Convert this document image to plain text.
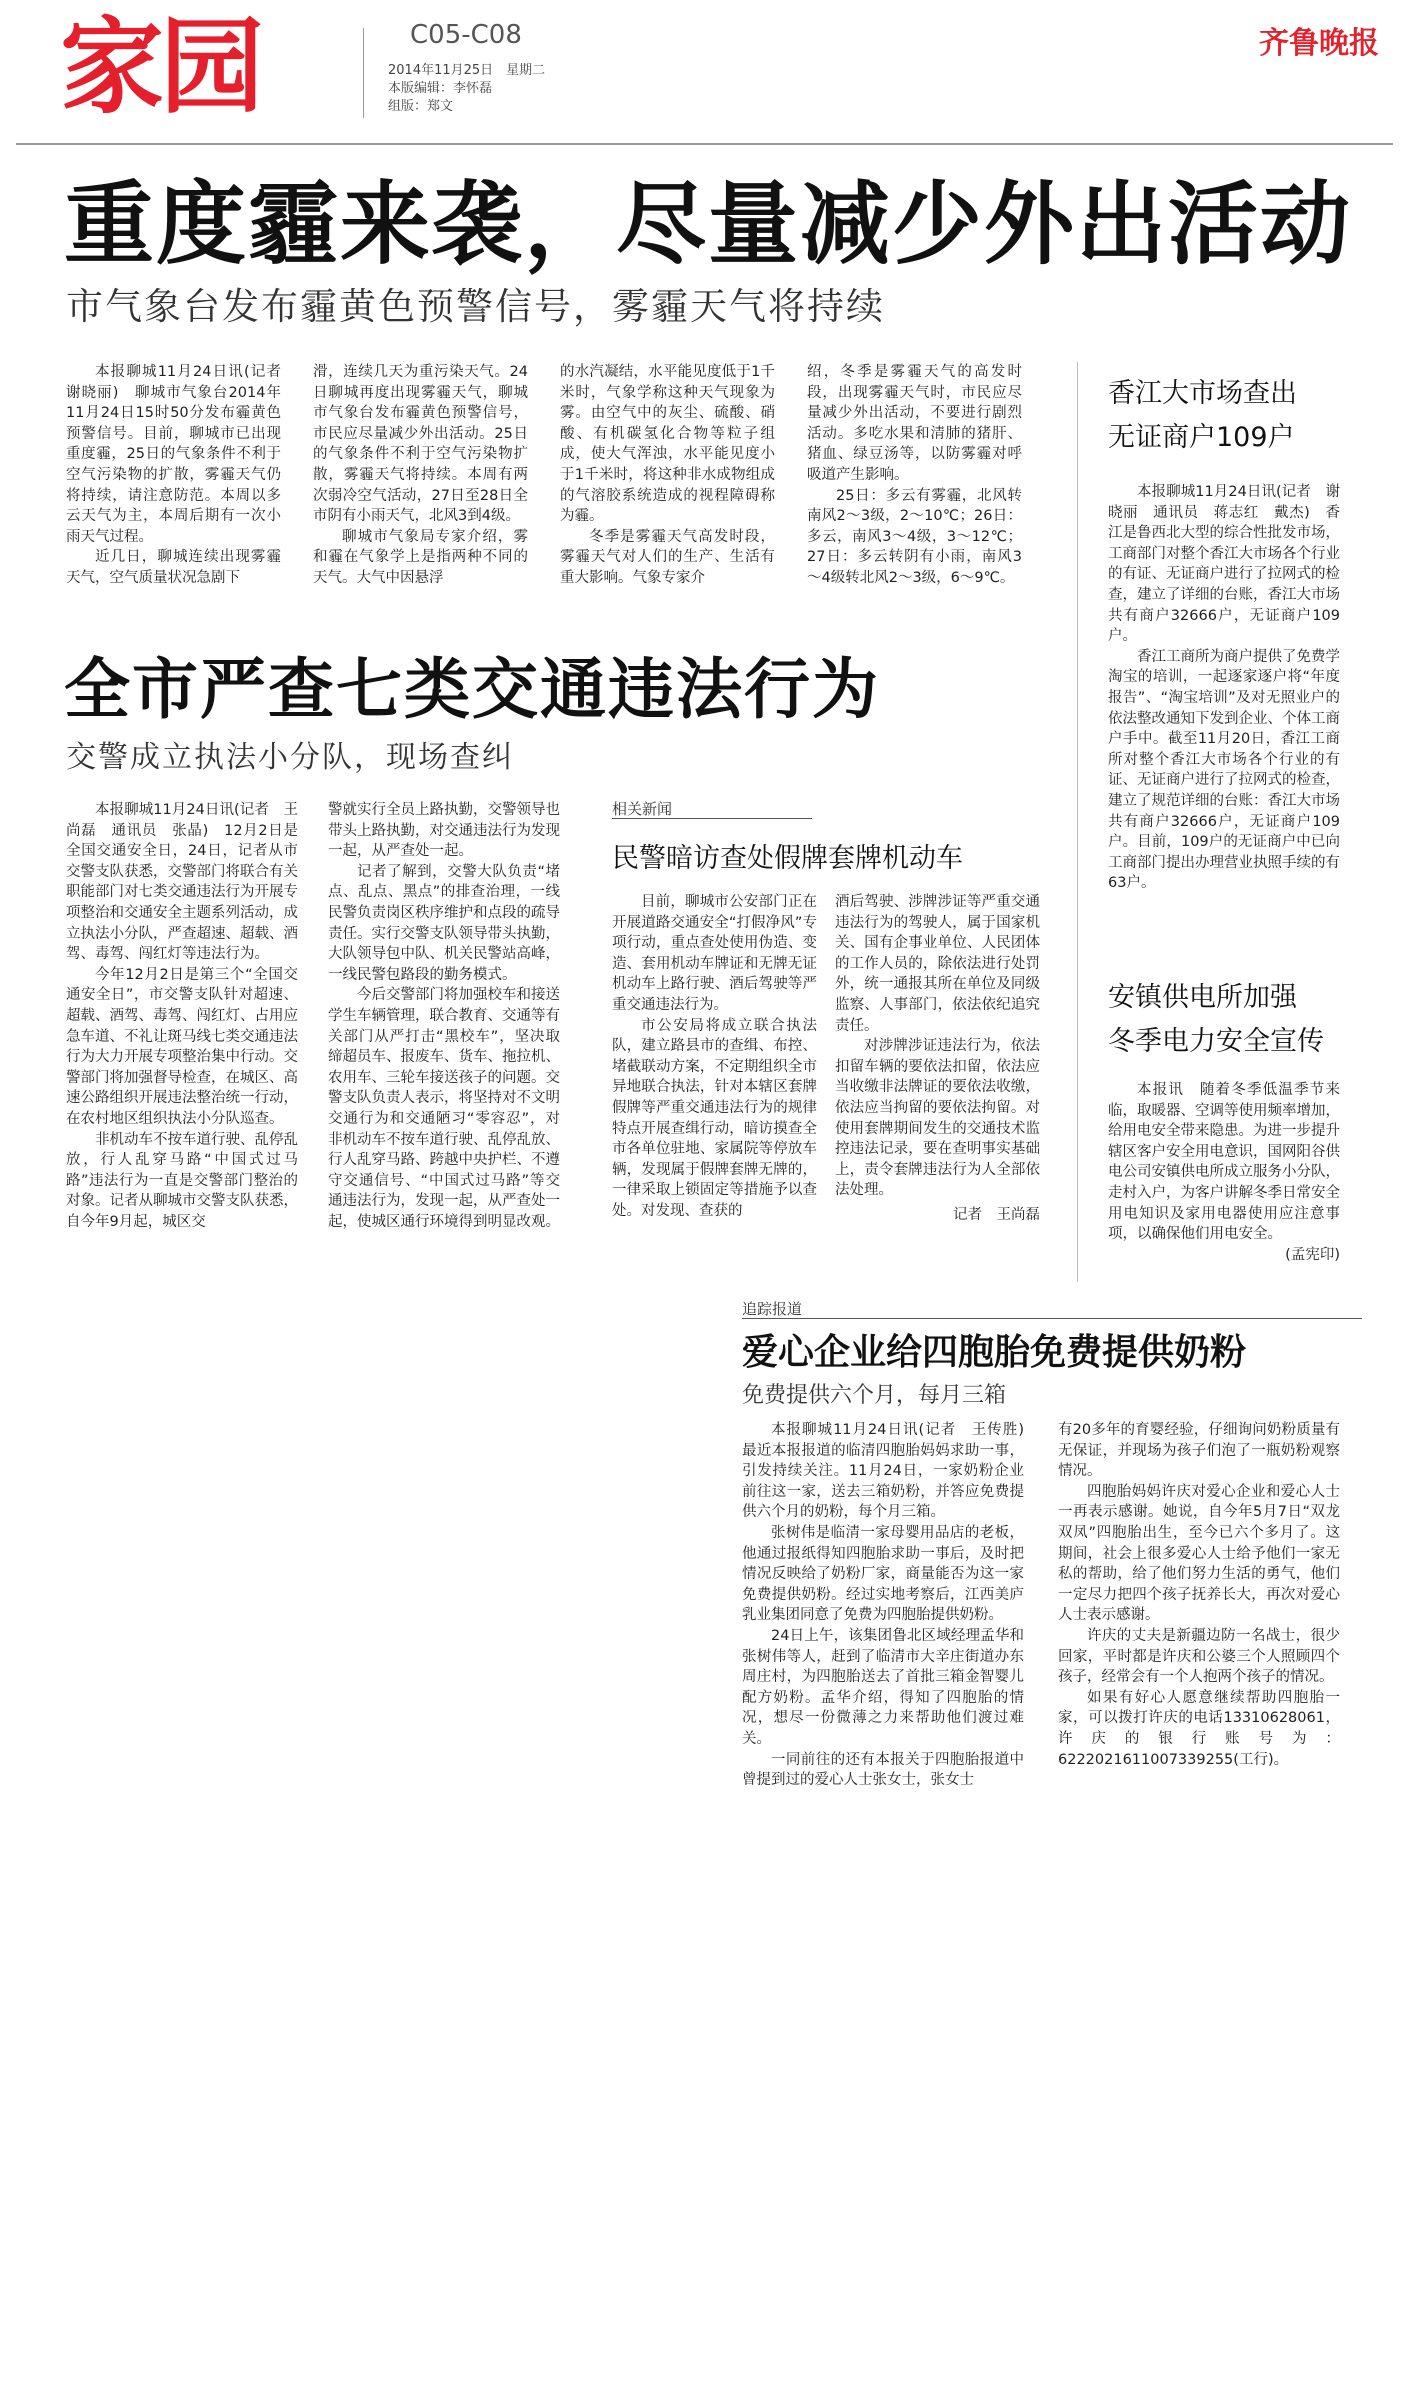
家园	C05-C08
2014年11月25日　星期二
本版编辑：李怀磊
组版：郑文
齐鲁晚报
重度霾来袭，尽量减少外出活动
市气象台发布霾黄色预警信号，雾霾天气将持续

本报聊城11月24日讯(记者　谢晓丽)　聊城市气象台2014年11月24日15时50分发布霾黄色预警信号。目前，聊城市已出现重度霾，25日的气象条件不利于空气污染物的扩散，雾霾天气仍将持续，请注意防范。本周以多云天气为主，本周后期有一次小雨天气过程。

近几日，聊城连续出现雾霾天气，空气质量状况急剧下

滑，连续几天为重污染天气。24日聊城再度出现雾霾天气，聊城市气象台发布霾黄色预警信号，市民应尽量减少外出活动。25日的气象条件不利于空气污染物扩散，雾霾天气将持续。本周有两次弱冷空气活动，27日至28日全市阴有小雨天气，北风3到4级。

聊城市气象局专家介绍，雾和霾在气象学上是指两种不同的天气。大气中因悬浮

的水汽凝结，水平能见度低于1千米时，气象学称这种天气现象为雾。由空气中的灰尘、硫酸、硝酸、有机碳氢化合物等粒子组成，使大气浑浊，水平能见度小于1千米时，将这种非水成物组成的气溶胶系统造成的视程障碍称为霾。

冬季是雾霾天气高发时段，雾霾天气对人们的生产、生活有重大影响。气象专家介

绍，冬季是雾霾天气的高发时段，出现雾霾天气时，市民应尽量减少外出活动，不要进行剧烈活动。多吃水果和清肺的猪肝、猪血、绿豆汤等，以防雾霾对呼吸道产生影响。

25日：多云有雾霾，北风转南风2～3级，2～10℃；26日：多云，南风3～4级，3～12℃；27日：多云转阴有小雨，南风3～4级转北风2～3级，6～9℃。

香江大市场查出
无证商户109户

本报聊城11月24日讯(记者　谢晓丽　通讯员　蒋志红　戴杰)　香江是鲁西北大型的综合性批发市场，工商部门对整个香江大市场各个行业的有证、无证商户进行了拉网式的检查，建立了详细的台账，香江大市场共有商户32666户，无证商户109户。

香江工商所为商户提供了免费学淘宝的培训，一起逐家逐户将“年度报告”、“淘宝培训”及对无照业户的依法整改通知下发到企业、个体工商户手中。截至11月20日，香江工商所对整个香江大市场各个行业的有证、无证商户进行了拉网式的检查，建立了规范详细的台账：香江大市场共有商户32666户，无证商户109户。目前，109户的无证商户中已向工商部门提出办理营业执照手续的有63户。

安镇供电所加强
冬季电力安全宣传

本报讯　随着冬季低温季节来临，取暖器、空调等使用频率增加，给用电安全带来隐患。为进一步提升辖区客户安全用电意识，国网阳谷供电公司安镇供电所成立服务小分队，走村入户，为客户讲解冬季日常安全用电知识及家用电器使用应注意事项，以确保他们用电安全。

(孟宪印)
全市严查七类交通违法行为
交警成立执法小分队，现场查纠

本报聊城11月24日讯(记者　王尚磊　通讯员　张晶)　12月2日是全国交通安全日，24日，记者从市交警支队获悉，交警部门将联合有关职能部门对七类交通违法行为开展专项整治和交通安全主题系列活动，成立执法小分队，严查超速、超载、酒驾、毒驾、闯红灯等违法行为。

今年12月2日是第三个“全国交通安全日”，市交警支队针对超速、超载、酒驾、毒驾、闯红灯、占用应急车道、不礼让斑马线七类交通违法行为大力开展专项整治集中行动。交警部门将加强督导检查，在城区、高速公路组织开展违法整治统一行动，在农村地区组织执法小分队巡查。

非机动车不按车道行驶、乱停乱放，行人乱穿马路“中国式过马路”违法行为一直是交警部门整治的对象。记者从聊城市交警支队获悉，自今年9月起，城区交

警就实行全员上路执勤，交警领导也带头上路执勤，对交通违法行为发现一起，从严查处一起。

记者了解到，交警大队负责“堵点、乱点、黑点”的排查治理，一线民警负责岗区秩序维护和点段的疏导责任。实行交警支队领导带头执勤，大队领导包中队、机关民警站高峰，一线民警包路段的勤务模式。

今后交警部门将加强校车和接送学生车辆管理，联合教育、交通等有关部门从严打击“黑校车”，坚决取缔超员车、报废车、货车、拖拉机、农用车、三轮车接送孩子的问题。交警支队负责人表示，将坚持对不文明交通行为和交通陋习“零容忍”，对非机动车不按车道行驶、乱停乱放、行人乱穿马路、跨越中央护栏、不遵守交通信号、“中国式过马路”等交通违法行为，发现一起，从严查处一起，使城区通行环境得到明显改观。

相关新闻
民警暗访查处假牌套牌机动车

目前，聊城市公安部门正在开展道路交通安全“打假净风”专项行动，重点查处使用伪造、变造、套用机动车牌证和无牌无证机动车上路行驶、酒后驾驶等严重交通违法行为。

市公安局将成立联合执法队，建立路县市的查缉、布控、堵截联动方案，不定期组织全市异地联合执法，针对本辖区套牌假牌等严重交通违法行为的规律特点开展查缉行动，暗访摸查全市各单位驻地、家属院等停放车辆，发现属于假牌套牌无牌的，一律采取上锁固定等措施予以查处。对发现、查获的

酒后驾驶、涉牌涉证等严重交通违法行为的驾驶人，属于国家机关、国有企事业单位、人民团体的工作人员的，除依法进行处罚外，统一通报其所在单位及同级监察、人事部门，依法依纪追究责任。

对涉牌涉证违法行为，依法扣留车辆的要依法扣留，依法应当收缴非法牌证的要依法收缴，依法应当拘留的要依法拘留。对使用套牌期间发生的交通技术监控违法记录，要在查明事实基础上，责令套牌违法行为人全部依法处理。

记者　王尚磊
追踪报道
爱心企业给四胞胎免费提供奶粉
免费提供六个月，每月三箱

本报聊城11月24日讯(记者　王传胜)　最近本报报道的临清四胞胎妈妈求助一事，引发持续关注。11月24日，一家奶粉企业前往这一家，送去三箱奶粉，并答应免费提供六个月的奶粉，每个月三箱。

张树伟是临清一家母婴用品店的老板，他通过报纸得知四胞胎求助一事后，及时把情况反映给了奶粉厂家，商量能否为这一家免费提供奶粉。经过实地考察后，江西美庐乳业集团同意了免费为四胞胎提供奶粉。

24日上午，该集团鲁北区域经理孟华和张树伟等人，赶到了临清市大辛庄街道办东周庄村，为四胞胎送去了首批三箱金智婴儿配方奶粉。孟华介绍，得知了四胞胎的情况，想尽一份微薄之力来帮助他们渡过难关。

一同前往的还有本报关于四胞胎报道中曾提到过的爱心人士张女士，张女士

有20多年的育婴经验，仔细询问奶粉质量有无保证，并现场为孩子们泡了一瓶奶粉观察情况。

四胞胎妈妈许庆对爱心企业和爱心人士一再表示感谢。她说，自今年5月7日“双龙双凤”四胞胎出生，至今已六个多月了。这期间，社会上很多爱心人士给予他们一家无私的帮助，给了他们努力生活的勇气，他们一定尽力把四个孩子抚养长大，再次对爱心人士表示感谢。

许庆的丈夫是新疆边防一名战士，很少回家，平时都是许庆和公婆三个人照顾四个孩子，经常会有一个人抱两个孩子的情况。

如果有好心人愿意继续帮助四胞胎一家，可以拨打许庆的电话13310628061，许庆的银行账号为：6222021611007339255(工行)。
